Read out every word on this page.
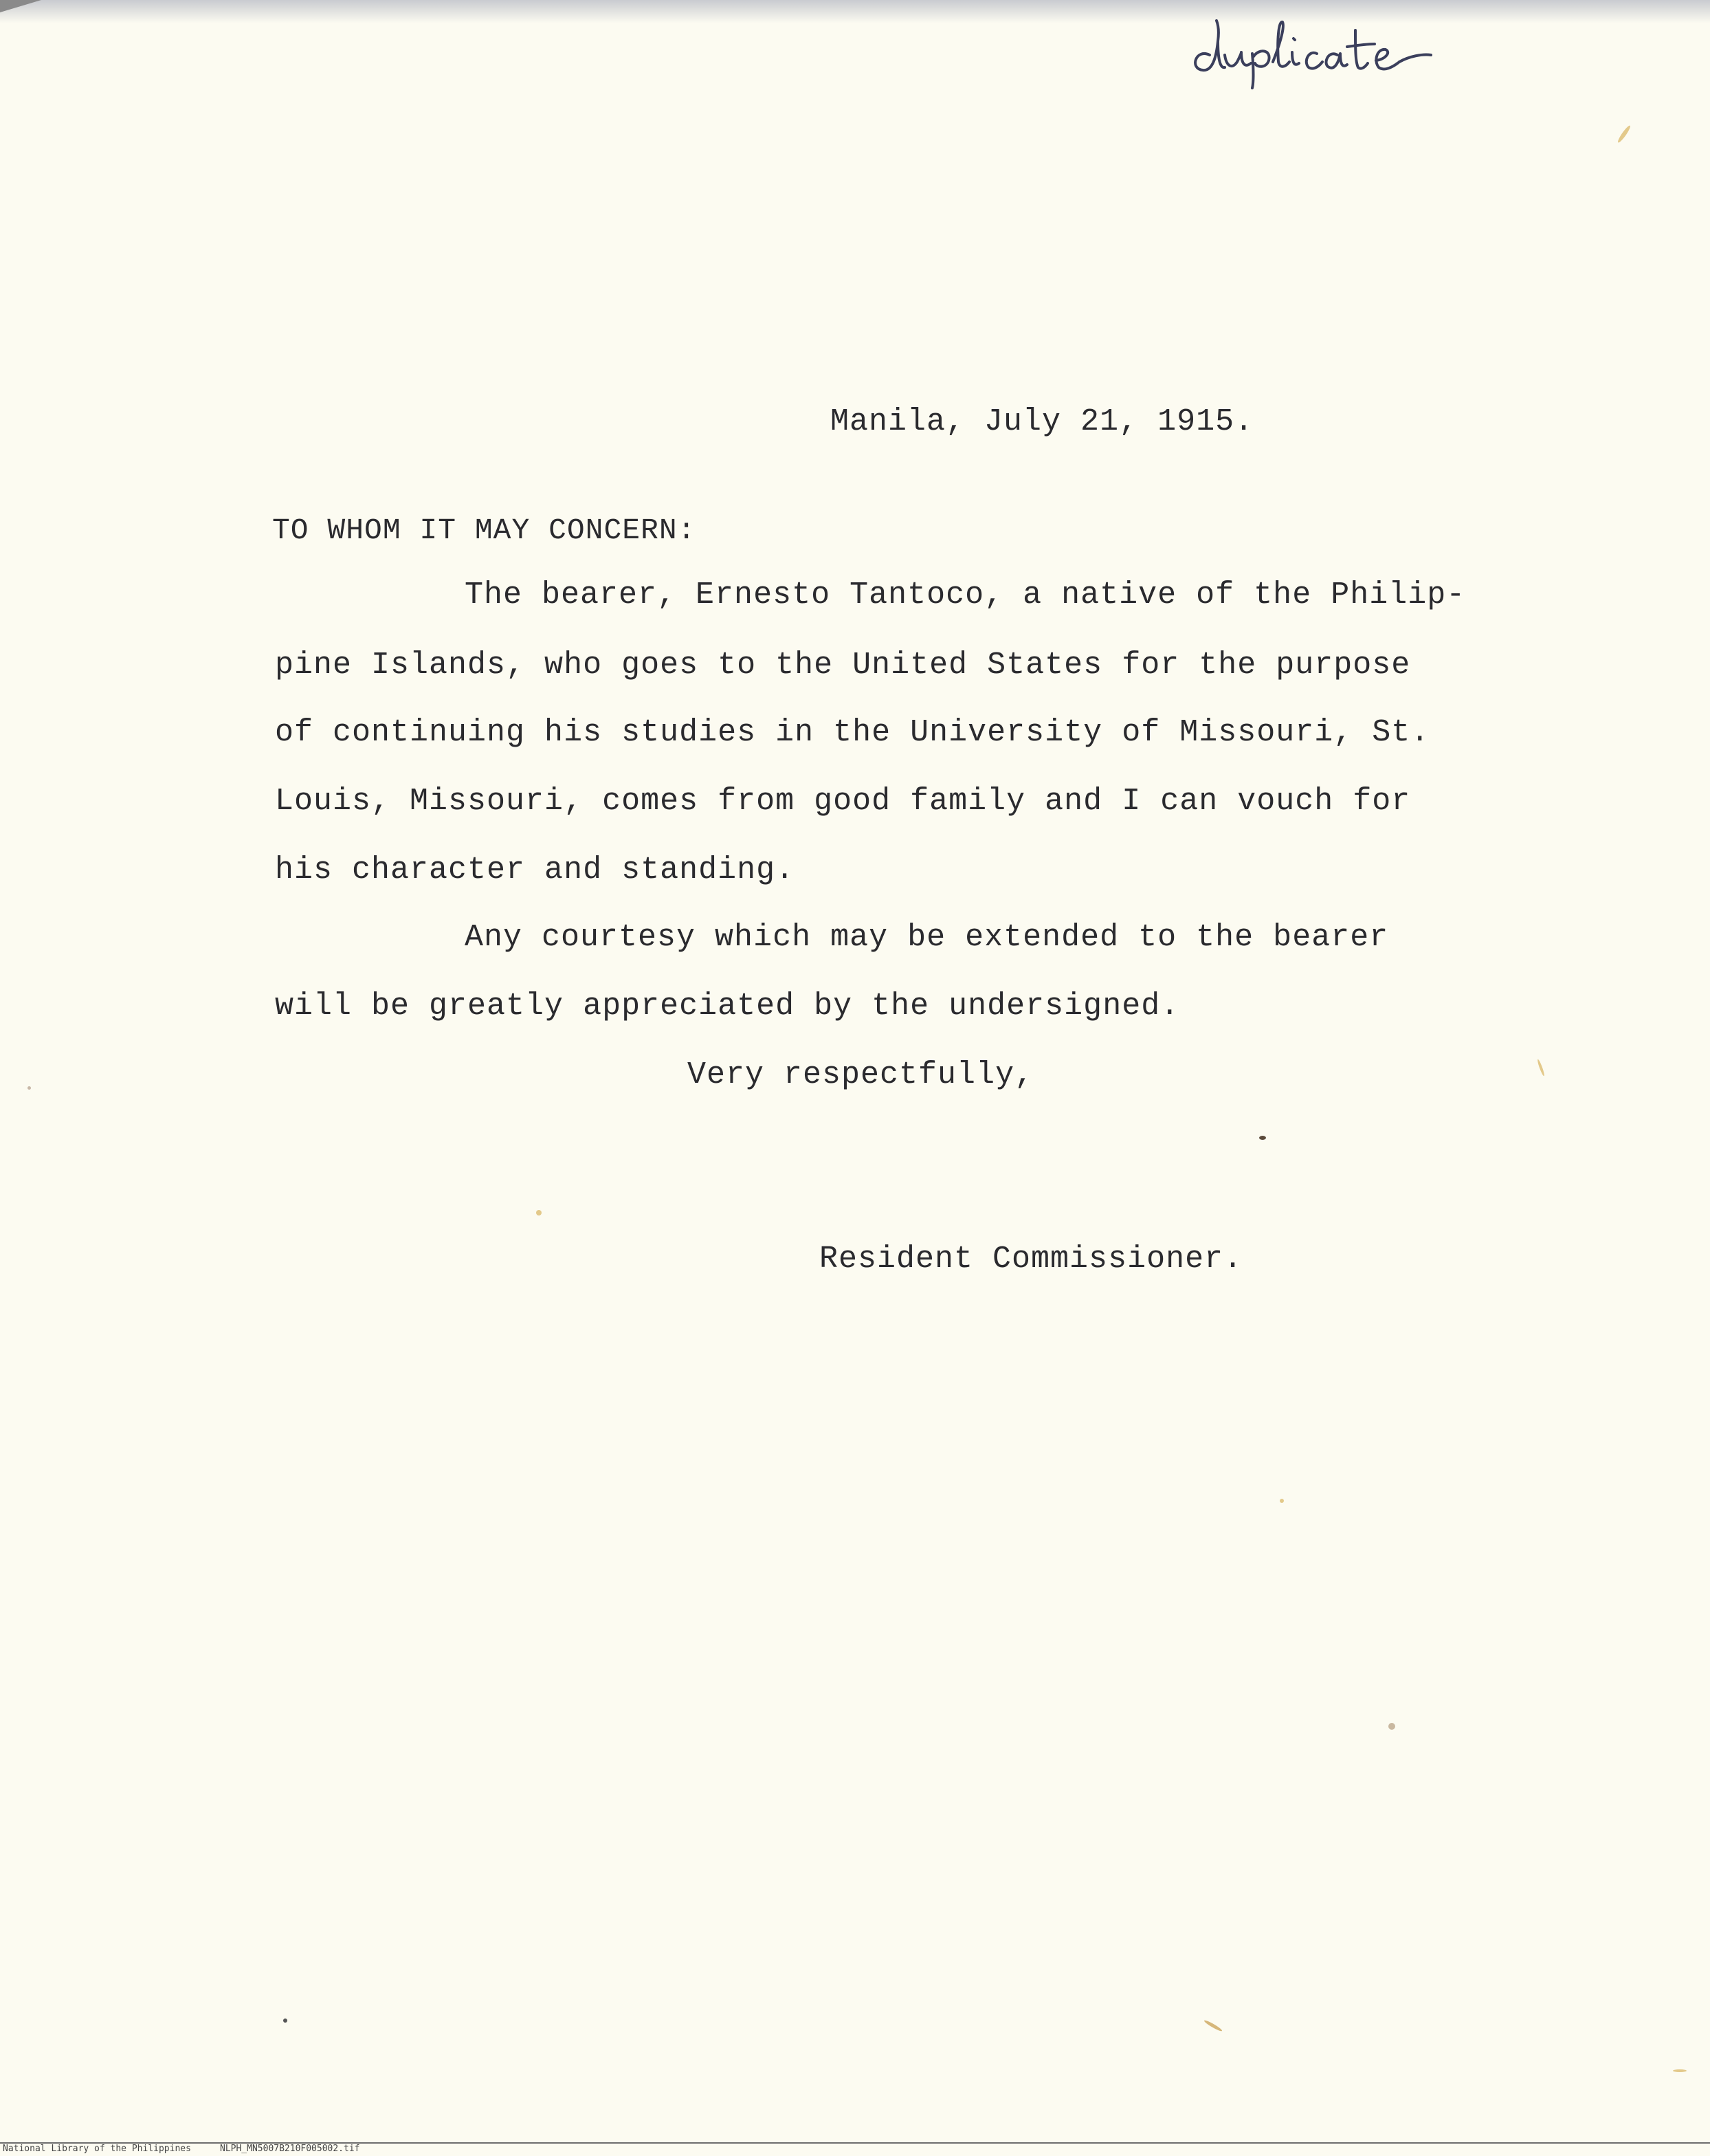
Manila, July 21, 1915.
TO WHOM IT MAY CONCERN:
The bearer, Ernesto Tantoco, a native of the Philip-
pine Islands, who goes to the United States for the purpose
of continuing his studies in the University of Missouri, St.
Louis, Missouri, comes from good family and I can vouch for
his character and standing.
Any courtesy which may be extended to the bearer
will be greatly appreciated by the undersigned.
Very respectfully,
Resident Commissioner.
National Library of the Philippines	NLPH_MN5007B210F005002.tif
